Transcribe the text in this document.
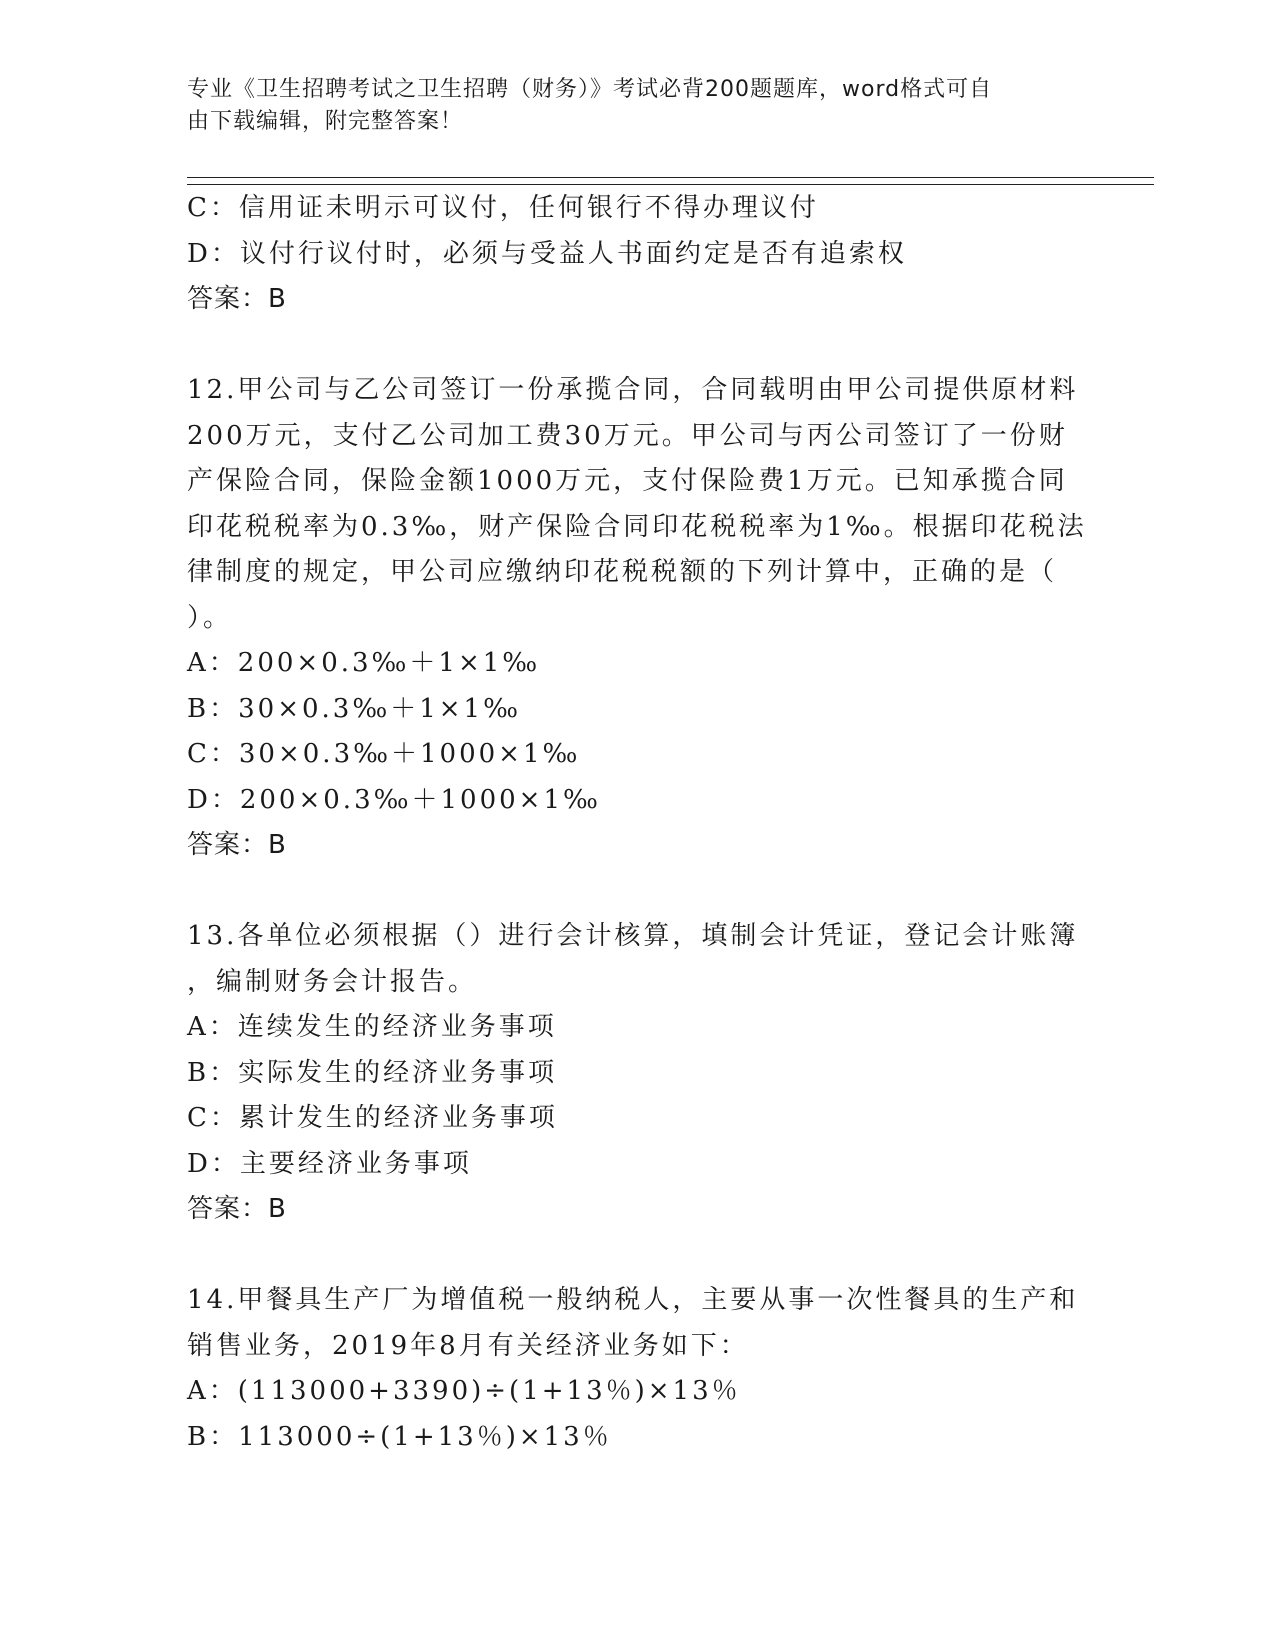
专业《卫生招聘考试之卫生招聘（财务）》考试必背200题题库，word格式可自
由下载编辑，附完整答案！
C：信用证未明示可议付，任何银行不得办理议付
D：议付行议付时，必须与受益人书面约定是否有追索权
答案：B
12.甲公司与乙公司签订一份承揽合同，合同载明由甲公司提供原材料
200万元，支付乙公司加工费30万元。甲公司与丙公司签订了一份财
产保险合同，保险金额1000万元，支付保险费1万元。已知承揽合同
印花税税率为0.3‰，财产保险合同印花税税率为1‰。根据印花税法
律制度的规定，甲公司应缴纳印花税税额的下列计算中，正确的是（
）。
A：200×0.3‰＋1×1‰
B：30×0.3‰＋1×1‰
C：30×0.3‰＋1000×1‰
D：200×0.3‰＋1000×1‰
答案：B
13.各单位必须根据（）进行会计核算，填制会计凭证，登记会计账簿
，编制财务会计报告。
A：连续发生的经济业务事项
B：实际发生的经济业务事项
C：累计发生的经济业务事项
D：主要经济业务事项
答案：B
14.甲餐具生产厂为增值税一般纳税人，主要从事一次性餐具的生产和
销售业务，2019年8月有关经济业务如下：
A：(113000+3390)÷(1+13％)×13％
B：113000÷(1+13％)×13％
